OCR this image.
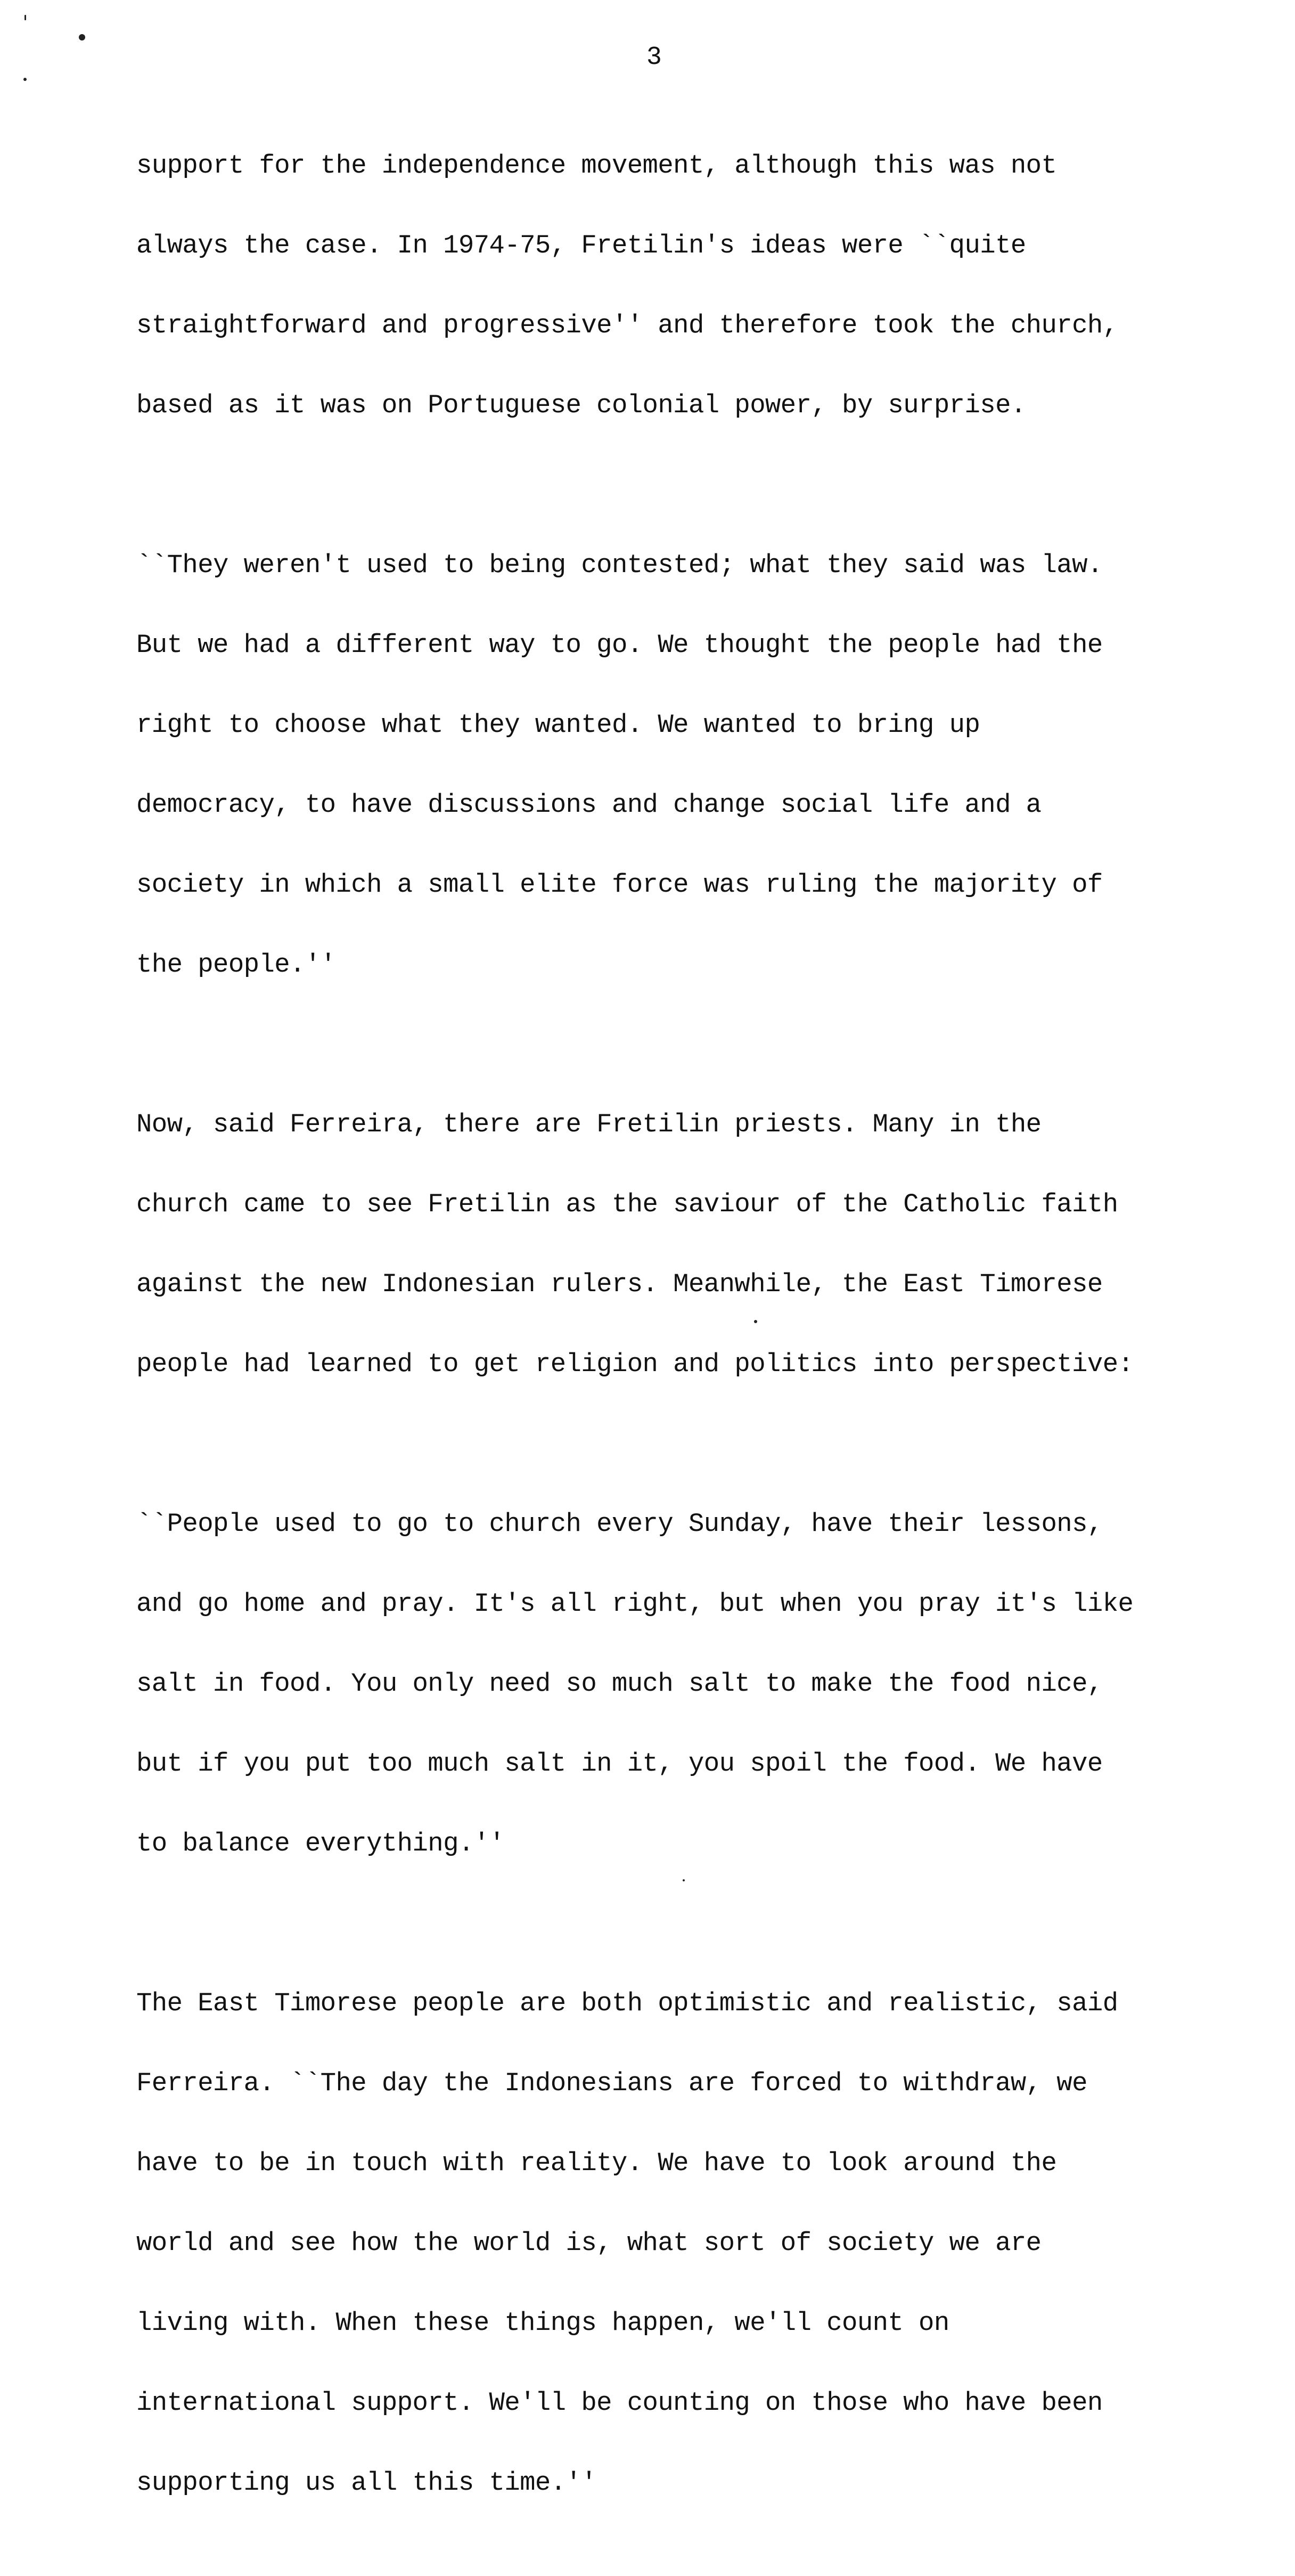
3

support for the independence movement, although this was not

always the case. In 1974-75, Fretilin's ideas were ``quite

straightforward and progressive'' and therefore took the church,

based as it was on Portuguese colonial power, by surprise.

``They weren't used to being contested; what they said was law.

But we had a different way to go. We thought the people had the

right to choose what they wanted. We wanted to bring up

democracy, to have discussions and change social life and a

society in which a small elite force was ruling the majority of

the people.''

Now, said Ferreira, there are Fretilin priests. Many in the

church came to see Fretilin as the saviour of the Catholic faith

against the new Indonesian rulers. Meanwhile, the East Timorese

people had learned to get religion and politics into perspective:

``People used to go to church every Sunday, have their lessons,

and go home and pray. It's all right, but when you pray it's like

salt in food. You only need so much salt to make the food nice,

but if you put too much salt in it, you spoil the food. We have

to balance everything.''

The East Timorese people are both optimistic and realistic, said

Ferreira. ``The day the Indonesians are forced to withdraw, we

have to be in touch with reality. We have to look around the

world and see how the world is, what sort of society we are

living with. When these things happen, we'll count on

international support. We'll be counting on those who have been

supporting us all this time.''
